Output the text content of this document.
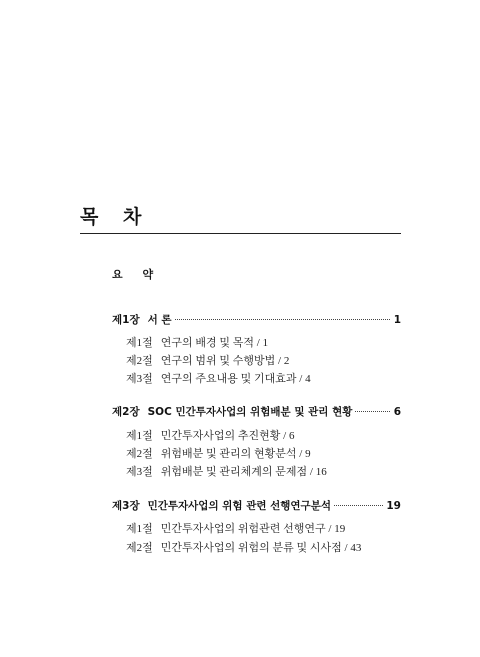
목 차
요 약
제1장 서 론	1
제1절 연구의 배경 및 목적 / 1
제2절 연구의 범위 및 수행방법 / 2
제3절 연구의 주요내용 및 기대효과 / 4
제2장 SOC 민간투자사업의 위험배분 및 관리 현황	6
제1절 민간투자사업의 추진현황 / 6
제2절 위험배분 및 관리의 현황분석 / 9
제3절 위험배분 및 관리체계의 문제점 / 16
제3장 민간투자사업의 위험 관련 선행연구분석	19
제1절 민간투자사업의 위험관련 선행연구 / 19
제2절 민간투자사업의 위험의 분류 및 시사점 / 43
